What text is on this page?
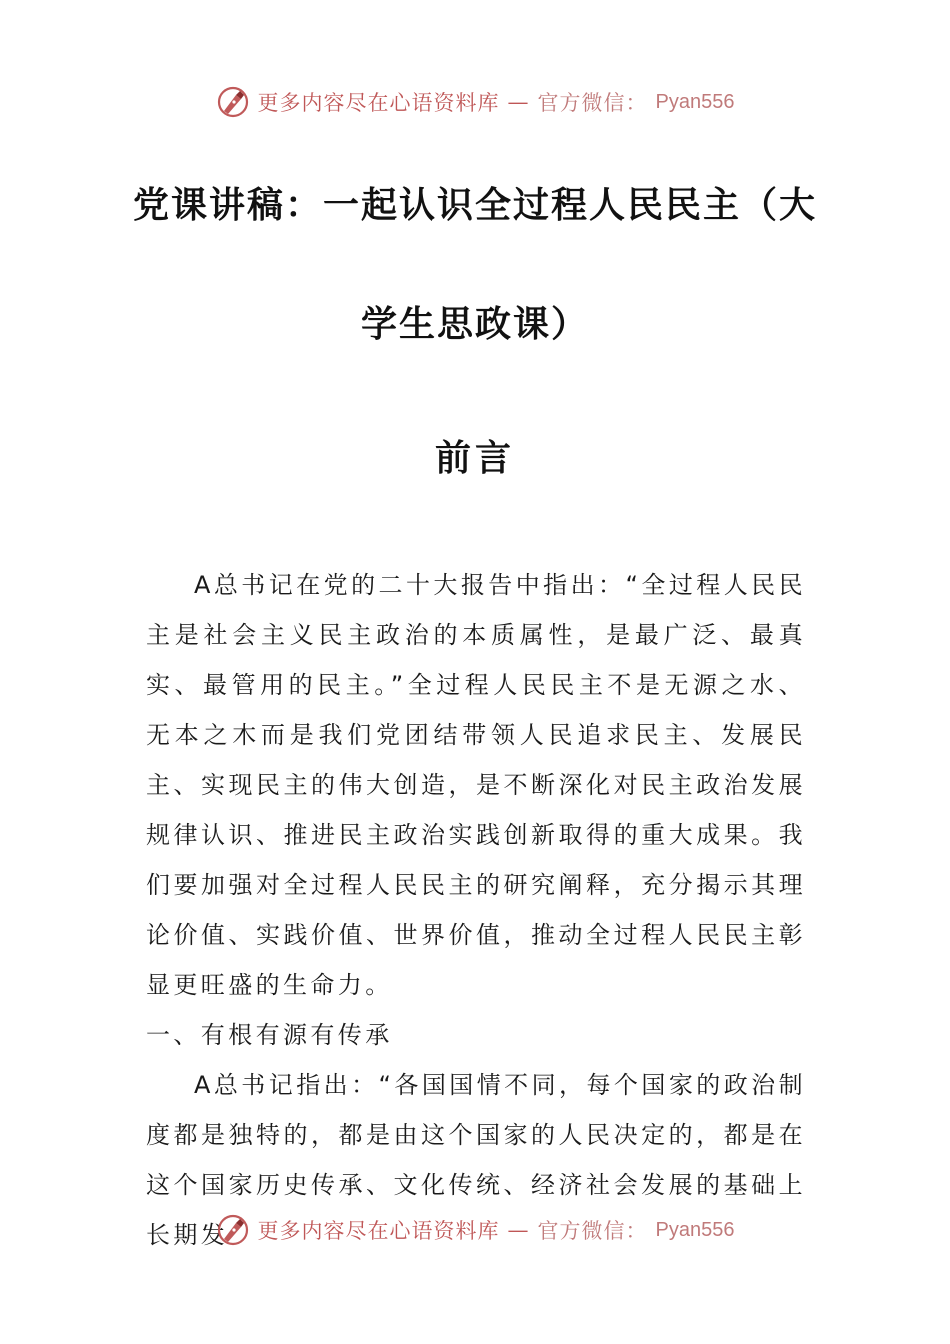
更多内容尽在心语资料库 — 官方微信： Pyan556
党课讲稿：一起认识全过程人民民主（大
学生思政课）
前言

A总书记在党的二十大报告中指出：“全过程人民民主是社会主义民主政治的本质属性，是最广泛、最真实、最管用的民主。”全过程人民民主不是无源之水、无本之木而是我们党团结带领人民追求民主、发展民主、实现民主的伟大创造，是不断深化对民主政治发展规律认识、推进民主政治实践创新取得的重大成果。我们要加强对全过程人民民主的研究阐释，充分揭示其理论价值、实践价值、世界价值，推动全过程人民民主彰显更旺盛的生命力。

一、有根有源有传承

A总书记指出：“各国国情不同，每个国家的政治制度都是独特的，都是由这个国家的人民决定的，都是在这个国家历史传承、文化传统、经济社会发展的基础上长期发	更多内容尽在心语资料库 — 官方微信： Pyan556
